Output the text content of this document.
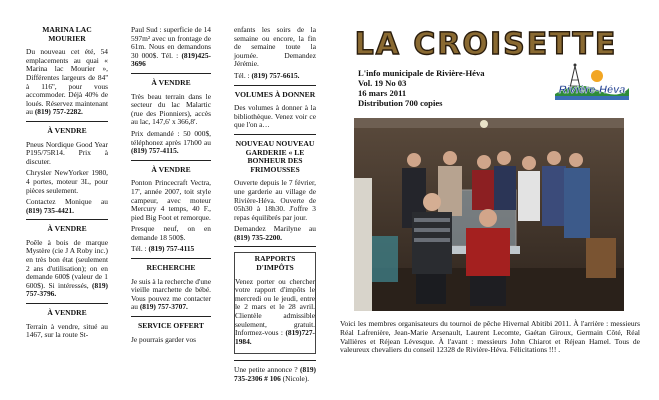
MARINA LAC MOURIER

Du nouveau cet été, 54 emplacements au quai « Marina lac Mourier », Différentes largeurs de 84'' à 116'', pour vous accommoder. Déjà 40% de loués. Réservez maintenant au (819) 757-2282.

À VENDRE

Pneus Nordique Good Year P195/75R14. Prix à discuter.

Chrysler NewYorker 1980, 4 portes, moteur 3L, pour pièces seulement.

Contactez Monique au (819) 735-4421.

À VENDRE

Poêle à bois de marque Mystère (cie J A Roby inc.) en très bon état (seulement 2 ans d'utilisation); on en demande 600$ (valeur de 1 600$). Si intéressés, (819) 757-3796.

À VENDRE

Terrain à vendre, situé au 1467, sur la route St-

Paul Sud : superficie de 14 597m² avec un frontage de 61m. Nous en demandons 30 000$. Tél. : (819)425-3696

À VENDRE

Très beau terrain dans le secteur du lac Malartic (rue des Pionniers), accès au lac, 147,6' x 366,8'.

Prix demandé : 50 000$, téléphonez après 17h00 au (819) 757-4115.

À VENDRE

Ponton Princecraft Vectra, 17', année 2007, toit style campeur, avec moteur Mercury 4 temps, 40 F., pied Big Foot et remorque.

Presque neuf, on en demande 18 500$.

Tél. : (819) 757-4115

RECHERCHE

Je suis à la recherche d'une vieille marchette de bébé. Vous pouvez me contacter au (819) 757-3707.

SERVICE OFFERT

Je pourrais garder vos

enfants les soirs de la semaine ou encore, la fin de semaine toute la journée. Demandez Jérémie.

Tél. : (819) 757-6615.

VOLUMES À DONNER

Des volumes à donner à la bibliothèque. Venez voir ce que l'on a…

NOUVEAU NOUVEAU GARDERIE « LE BONHEUR DES FRIMOUSSES

Ouverte depuis le 7 février, une garderie au village de Rivière-Héva. Ouverte de 05h30 à 18h30. J'offre 3 repas équilibrés par jour.

Demandez Marilyne au (819) 735-2200.

RAPPORTS D'IMPÔTS

Venez porter ou chercher votre rapport d'impôts le mercredi ou le jeudi, entre le 2 mars et le 28 avril. Clientèle admissible seulement, gratuit. Informez-vous : (819)727-1984.

Une petite annonce ? (819) 735-2306 # 106 (Nicole).

LA CROISETTE
L'info municipale de Rivière-Héva
Vol. 19 No 03
16 mars 2011
Distribution 700 copies
Rivière-Héva
Voici les membres organisateurs du tournoi de pêche Hivernal Abitibi 2011. À l'arrière : messieurs Réal Lafrenière, Jean-Marie Arsenault, Laurent Lecomte, Gaétan Giroux, Germain Côté, Réal Vallières et Réjean Lévesque. À l'avant : messieurs John Chiarot et Réjean Hamel. Tous de valeureux chevaliers du conseil 12328 de Rivière-Héva. Félicitations !!! .
